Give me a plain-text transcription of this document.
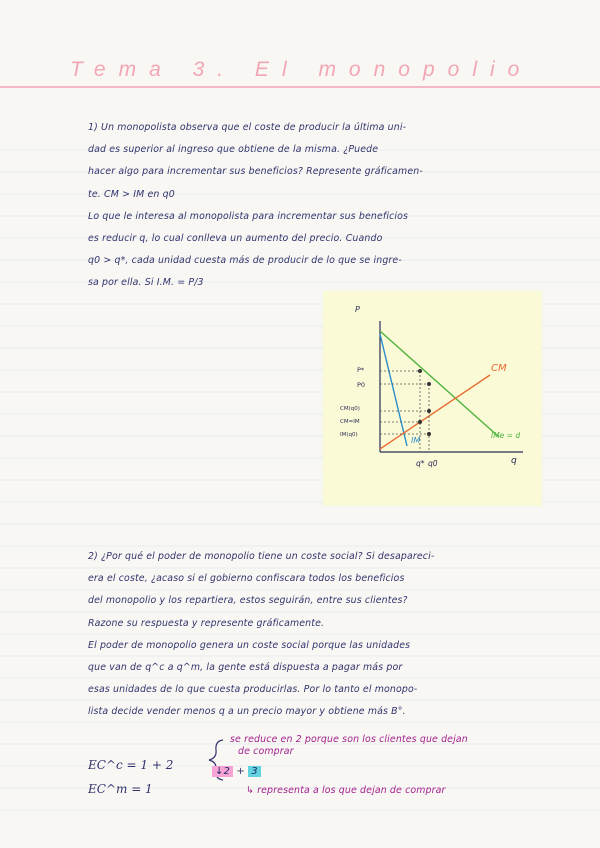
Tema 3. El monopolio
1) Un monopolista observa que el coste de producir la última uni-
dad es superior al ingreso que obtiene de la misma. ¿Puede
hacer algo para incrementar sus beneficios? Represente gráficamen-
te. CM > IM en q0
Lo que le interesa al monopolista para incrementar sus beneficios
es reducir q, lo cual conlleva un aumento del precio. Cuando
q0 > q*, cada unidad cuesta más de producir de lo que se ingre-
sa por ella. Si I.M. = P/3
P
q
P*
P0
CM(q0)
CM=IM
IM(q0)
q* q0
CM
IM
IMe = d
2) ¿Por qué el poder de monopolio tiene un coste social? Si desapareci-
era el coste, ¿acaso si el gobierno confiscara todos los beneficios
del monopolio y los repartiera, estos seguirán, entre sus clientes?
Razone su respuesta y represente gráficamente.
El poder de monopolio genera un coste social porque las unidades
que van de q^c a q^m, la gente está dispuesta a pagar más por
esas unidades de lo que cuesta producirlas. Por lo tanto el monopo-
lista decide vender menos q a un precio mayor y obtiene más B°.
EC^c = 1 + 2
EC^m = 1
se reduce en 2 porque son los clientes que dejan
de comprar
↓2 + 3
↳ representa a los que dejan de comprar
